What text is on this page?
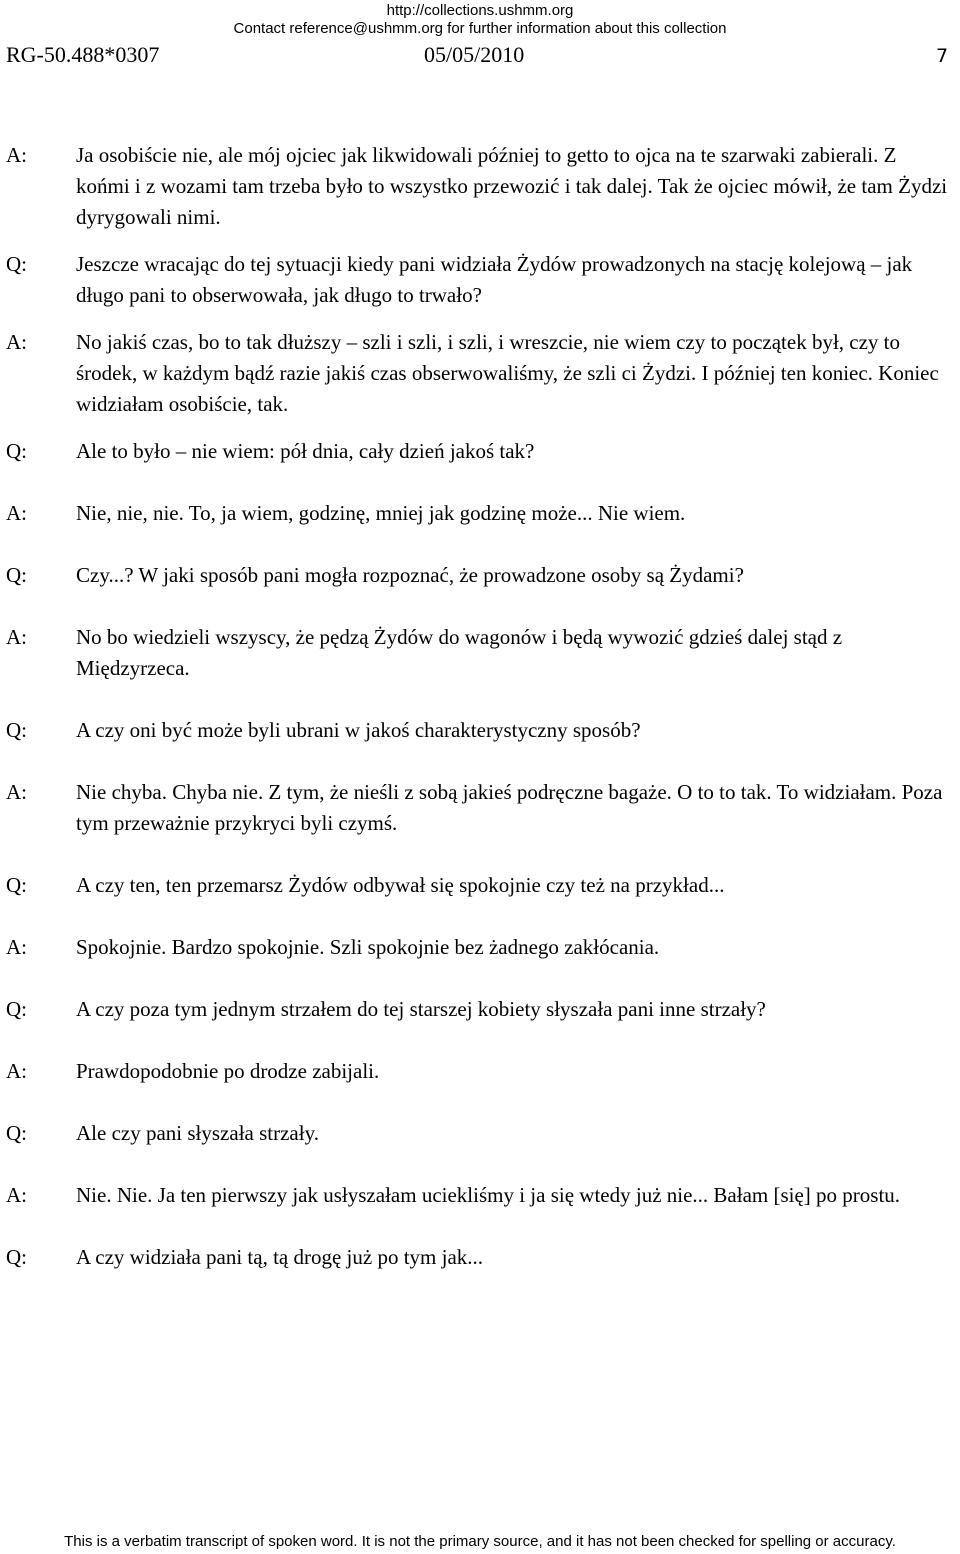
http://collections.ushmm.org
Contact reference@ushmm.org for further information about this collection
RG-50.488*0307	05/05/2010	7
A: Ja osobiście nie, ale mój ojciec jak likwidowali później to getto to ojca na te szarwaki zabierali. Z końmi i z wozami tam trzeba było to wszystko przewozić i tak dalej. Tak że ojciec mówił, że tam Żydzi dyrygowali nimi.
Q: Jeszcze wracając do tej sytuacji kiedy pani widziała Żydów prowadzonych na stację kolejową – jak długo pani to obserwowała, jak długo to trwało?
A: No jakiś czas, bo to tak dłuższy – szli i szli, i szli, i wreszcie, nie wiem czy to początek był, czy to środek, w każdym bądź razie jakiś czas obserwowaliśmy, że szli ci Żydzi. I później ten koniec. Koniec widziałam osobiście, tak.
Q: Ale to było – nie wiem: pół dnia, cały dzień jakoś tak?
A: Nie, nie, nie. To, ja wiem, godzinę, mniej jak godzinę może... Nie wiem.
Q: Czy...? W jaki sposób pani mogła rozpoznać, że prowadzone osoby są Żydami?
A: No bo wiedzieli wszyscy, że pędzą Żydów do wagonów i będą wywozić gdzieś dalej stąd z Międzyrzeca.
Q: A czy oni być może byli ubrani w jakoś charakterystyczny sposób?
A: Nie chyba. Chyba nie. Z tym, że nieśli z sobą jakieś podręczne bagaże. O to to tak. To widziałam. Poza tym przeważnie przykryci byli czymś.
Q: A czy ten, ten przemarsz Żydów odbywał się spokojnie czy też na przykład...
A: Spokojnie. Bardzo spokojnie. Szli spokojnie bez żadnego zakłócania.
Q: A czy poza tym jednym strzałem do tej starszej kobiety słyszała pani inne strzały?
A: Prawdopodobnie po drodze zabijali.
Q: Ale czy pani słyszała strzały.
A: Nie. Nie. Ja ten pierwszy jak usłyszałam uciekliśmy i ja się wtedy już nie... Bałam [się] po prostu.
Q: A czy widziała pani tą, tą drogę już po tym jak...
This is a verbatim transcript of spoken word. It is not the primary source, and it has not been checked for spelling or accuracy.
